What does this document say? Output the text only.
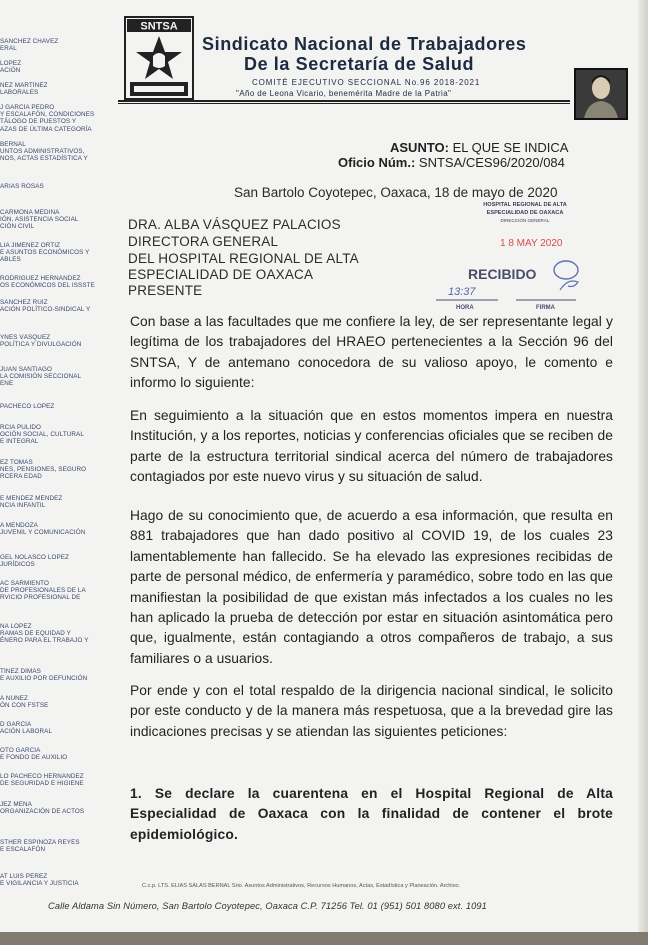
SANCHEZ CHAVEZ
ERAL
LÓPEZ
ACIÓN
NEZ MARTÍNEZ
LABORALES
J GARCÍA PEDRO
Y ESCALAFÓN, CONDICIONES
TÁLOGO DE PUESTOS Y
AZAS DE ÚLTIMA CATEGORÍA
BERNAL
UNTOS ADMINISTRATIVOS,
NOS, ACTAS ESTADÍSTICA Y
ARIAS ROSAS
CARMONA MEDINA
IÓN, ASISTENCIA SOCIAL
CIÓN CIVIL
LIA JIMÉNEZ ORTIZ
E ASUNTOS ECONÓMICOS Y
ABLES
RODRÍGUEZ HERNÁNDEZ
OS ECONÓMICOS DEL ISSSTE
SÁNCHEZ RUIZ
ACIÓN POLÍTICO-SINDICAL Y
YNES VÁSQUEZ
POLÍTICA Y DIVULGACIÓN
JUAN SANTIAGO
LA COMISIÓN SECCIONAL
ENE
PACHECO LÓPEZ
RCIA PULIDO
OCIÓN SOCIAL, CULTURAL
E INTEGRAL
EZ TOMAS
NES, PENSIONES, SEGURO
RCERA EDAD
E MÉNDEZ MÉNDEZ
NCIA INFANTIL
A MENDOZA
JUVENIL Y COMUNICACIÓN
GEL NOLASCO LÓPEZ
JURÍDICOS
AC SARMIENTO
DE PROFESIONALES DE LA
RVICIO PROFESIONAL DE
NA LÓPEZ
RAMAS DE EQUIDAD Y
ÉNERO PARA EL TRABAJO Y
TÍNEZ DIMAS
E AUXILIO POR DEFUNCIÓN
A NUÑEZ
ÓN CON FSTSE
D GARCÍA
ACIÓN LABORAL
OTO GARCÍA
E FONDO DE AUXILIO
LO PACHECO HERNÁNDEZ
DE SEGURIDAD E HIGIENE
JEZ MENA
ORGANIZACIÓN DE ACTOS
STHER ESPINOZA REYES
E ESCALAFÓN
AT LUIS PÉREZ
E VIGILANCIA Y JUSTICIA
SNTSA
Sindicato Nacional de Trabajadores
De la Secretaría de Salud
COMITÉ EJECUTIVO SECCIONAL No.96 2018-2021
"Año de Leona Vicario, benemérita Madre de la Patria"
ASUNTO: EL QUE SE INDICA
Oficio Núm.: SNTSA/CES96/2020/084
San Bartolo Coyotepec, Oaxaca, 18 de mayo de 2020
DRA. ALBA VÁSQUEZ PALACIOS
DIRECTORA GENERAL
DEL HOSPITAL REGIONAL DE ALTA
ESPECIALIDAD DE OAXACA
PRESENTE
HOSPITAL REGIONAL DE ALTA
ESPECIALIDAD DE OAXACA
DIRECCIÓN GENERAL
1 8 MAY 2020
RECIBIDO
13:37
HORA	FIRMA
Con base a las facultades que me confiere la ley, de ser representante legal y legítima de los trabajadores del HRAEO pertenecientes a la Sección 96 del SNTSA, Y de antemano conocedora de su valioso apoyo, le comento e informo lo siguiente:
En seguimiento a la situación que en estos momentos impera en nuestra Institución, y a los reportes, noticias y conferencias oficiales que se reciben de parte de la estructura territorial sindical acerca del número de trabajadores contagiados por este nuevo virus y su situación de salud.
Hago de su conocimiento que, de acuerdo a esa información, que resulta en 881 trabajadores que han dado positivo al COVID 19, de los cuales 23 lamentablemente han fallecido. Se ha elevado las expresiones recibidas de parte de personal médico, de enfermería y paramédico, sobre todo en las que manifiestan la posibilidad de que existan más infectados a los cuales no les han aplicado la prueba de detección por estar en situación asintomática pero que, igualmente, están contagiando a otros compañeros de trabajo, a sus familiares o a usuarios.
Por ende y con el total respaldo de la dirigencia nacional sindical, le solicito por este conducto y de la manera más respetuosa, que a la brevedad gire las indicaciones precisas y se atiendan las siguientes peticiones:
1. Se declare la cuarentena en el Hospital Regional de Alta Especialidad de Oaxaca con la finalidad de contener el brote epidemiológico.
C.c.p. LTS. ELIAS SALAS BERNAL Srio. Asuntos Administrativos, Recursos Humanos, Actas, Estadística y Planeación. Archivo.
Calle Aldama Sin Número, San Bartolo Coyotepec, Oaxaca C.P. 71256 Tel. 01 (951) 501 8080 ext. 1091
